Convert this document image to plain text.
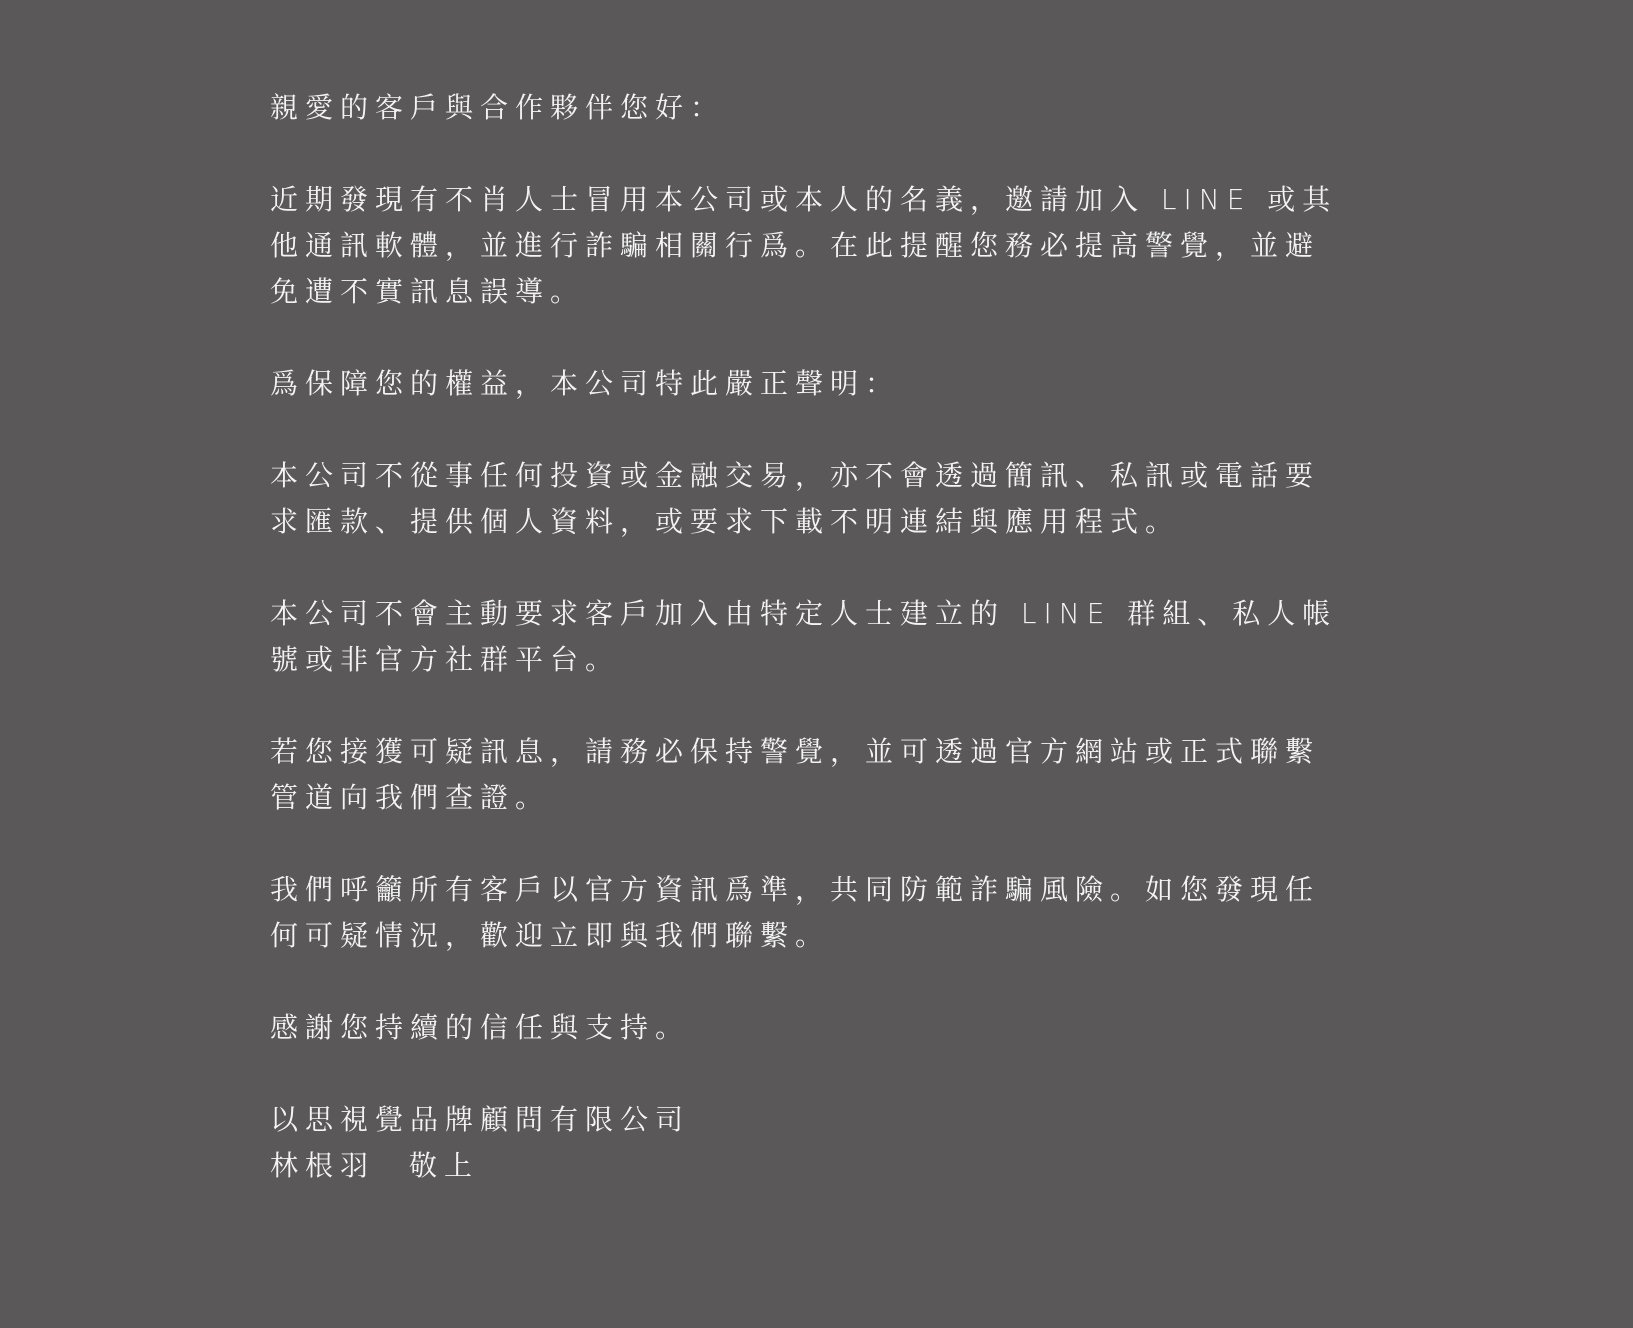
親愛的客戶與合作夥伴您好：

近期發現有不肖人士冒用本公司或本人的名義，邀請加入 LINE 或其他通訊軟體，並進行詐騙相關行爲。在此提醒您務必提高警覺，並避免遭不實訊息誤導。

爲保障您的權益，本公司特此嚴正聲明：

本公司不從事任何投資或金融交易，亦不會透過簡訊、私訊或電話要求匯款、提供個人資料，或要求下載不明連結與應用程式。

本公司不會主動要求客戶加入由特定人士建立的 LINE 群組、私人帳號或非官方社群平台。

若您接獲可疑訊息，請務必保持警覺，並可透過官方網站或正式聯繫管道向我們查證。

我們呼籲所有客戶以官方資訊爲準，共同防範詐騙風險。如您發現任何可疑情況，歡迎立即與我們聯繫。

感謝您持續的信任與支持。

以思視覺品牌顧問有限公司
林根羽 敬上
